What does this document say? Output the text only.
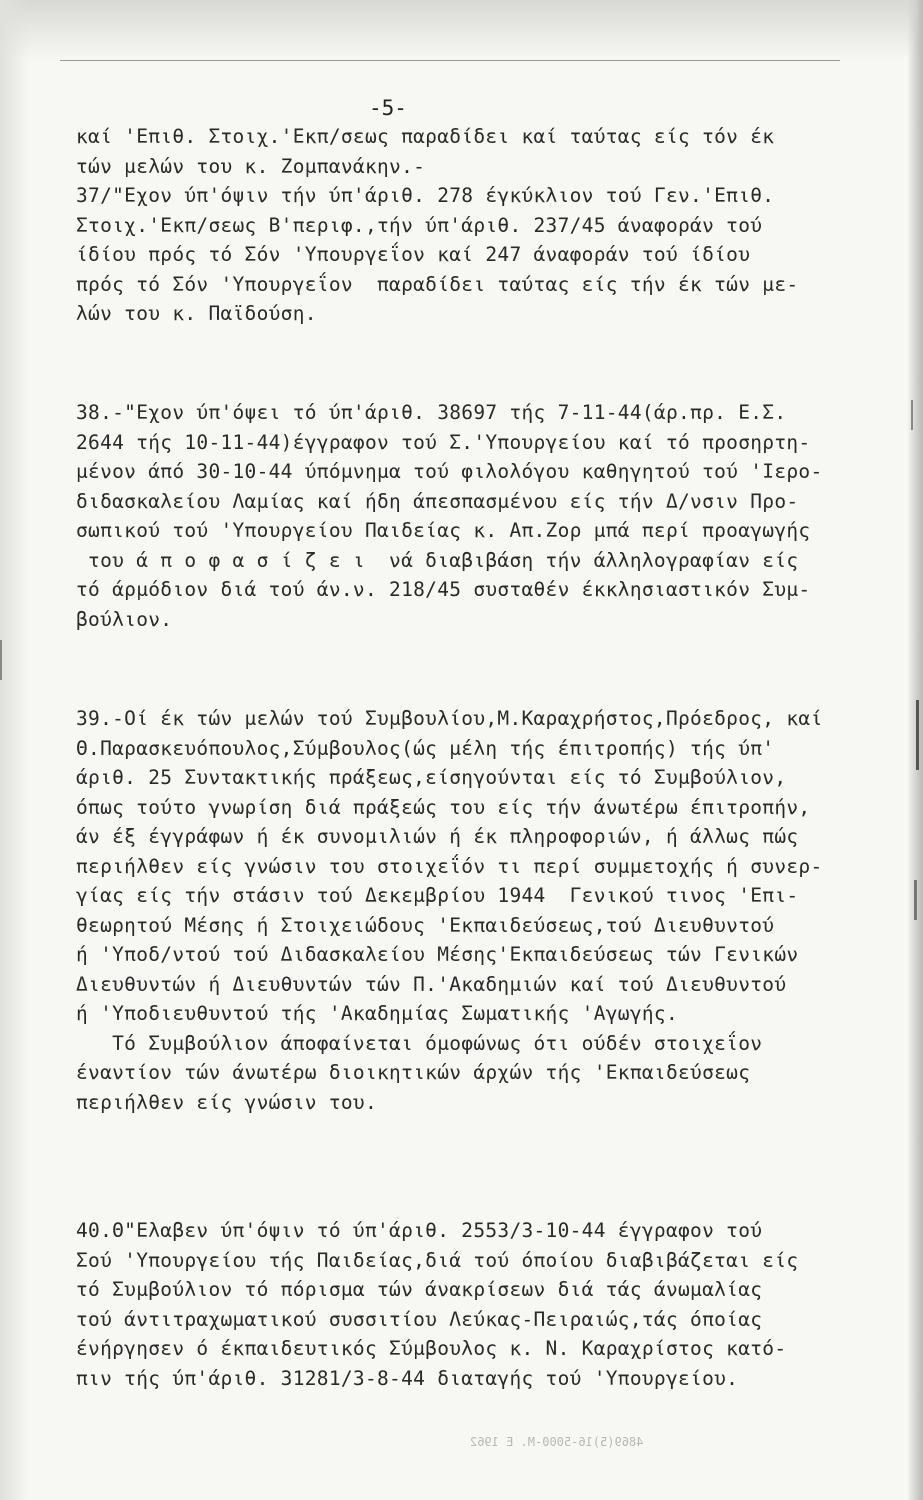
-5-
καί 'Επιθ. Στοιχ.'Εκπ/σεως παραδίδει καί ταύτας είς τόν έκ
τών μελών του κ. Ζομπανάκην.-
37/"Εχον ύπ'όψιν τήν ύπ'άριθ. 278 έγκύκλιον τού Γεν.'Επιθ.
Στοιχ.'Εκπ/σεως Β'περιφ.,τήν ύπ'άριθ. 237/45 άναφοράν τού
ίδίου πρός τό Σόν 'Υπουργεΐον καί 247 άναφοράν τού ίδίου
πρός τό Σόν 'Υπουργεΐον  παραδίδει ταύτας είς τήν έκ τών με-
λών του κ. Παϊδούση.
38.-"Εχον ύπ'όψει τό ύπ'άριθ. 38697 τής 7-11-44(άρ.πρ. Ε.Σ.
2644 τής 10-11-44)έγγραφον τού Σ.'Υπουργείου καί τό προσηρτη-
μένον άπό 30-10-44 ύπόμνημα τού φιλολόγου καθηγητού τού 'Ιερο-
διδασκαλείου Λαμίας καί ήδη άπεσπασμένου είς τήν Δ/νσιν Προ-
σωπικού τού 'Υπουργείου Παιδείας κ. Απ.Ζορ μπά περί προαγωγής
του ά π ο φ α σ ί ζ ε ι  νά διαβιβάση τήν άλληλογραφίαν είς
τό άρμόδιον διά τού άν.ν. 218/45 συσταθέν έκκλησιαστικόν Συμ-
βούλιον.
39.-Οί έκ τών μελών τού Συμβουλίου,Μ.Καραχρήστος,Πρόεδρος, καί
Θ.Παρασκευόπουλος,Σύμβουλος(ώς μέλη τής έπιτροπής) τής ύπ'
άριθ. 25 Συντακτικής πράξεως,είσηγούνται είς τό Συμβούλιον,
όπως τούτο γνωρίση διά πράξεώς του είς τήν άνωτέρω έπιτροπήν,
άν έξ έγγράφων ή έκ συνομιλιών ή έκ πληροφοριών, ή άλλως πώς
περιήλθεν είς γνώσιν του στοιχεΐόν τι περί συμμετοχής ή συνερ-
γίας είς τήν στάσιν τού Δεκεμβρίου 1944  Γενικού τινος 'Επι-
θεωρητού Μέσης ή Στοιχειώδους 'Εκπαιδεύσεως,τού Διευθυντού
ή 'Υποδ/ντού τού Διδασκαλείου Μέσης'Εκπαιδεύσεως τών Γενικών
Διευθυντών ή Διευθυντών τών Π.'Ακαδημιών καί τού Διευθυντού
ή 'Υποδιευθυντού τής 'Ακαδημίας Σωματικής 'Αγωγής.
Τό Συμβούλιον άποφαίνεται όμοφώνως ότι ούδέν στοιχεΐον
έναντίον τών άνωτέρω διοικητικών άρχών τής 'Εκπαιδεύσεως
περιήλθεν είς γνώσιν του.
40.Θ"Ελαβεν ύπ'όψιν τό ύπ'άριθ. 2553/3-10-44 έγγραφον τού
Σού 'Υπουργείου τής Παιδείας,διά τού όποίου διαβιβάζεται είς
τό Συμβούλιον τό πόρισμα τών άνακρίσεων διά τάς άνωμαλίας
τού άντιτραχωματικού συσσιτίου Λεύκας-Πειραιώς,τάς όποίας
ένήργησεν ό έκπαιδευτικός Σύμβουλος κ. Ν. Καραχρίστος κατό-
πιν τής ύπ'άριθ. 31281/3-8-44 διαταγής τού 'Υπουργείου.
4869(5)16-5000-M. E 1962
